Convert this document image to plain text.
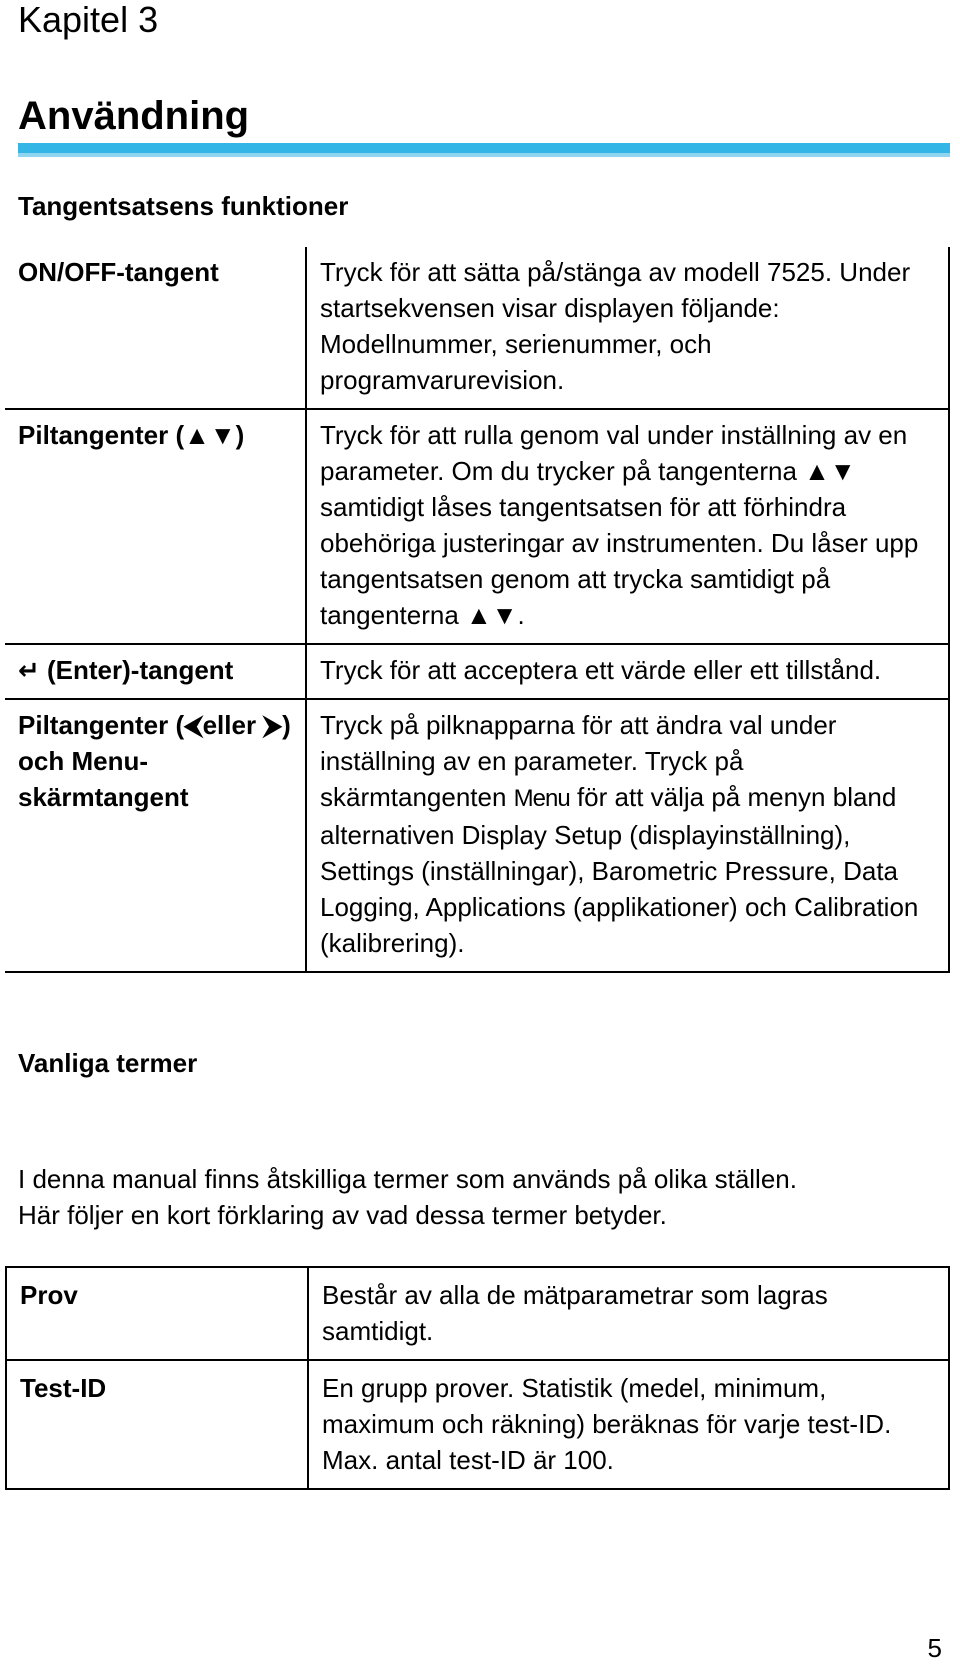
Kapitel 3
Användning
Tangentsatsens funktioner
ON/OFF-tangent	Tryck för att sätta på/stänga av modell 7525. Under startsekvensen visar displayen följande: Modellnummer, serienummer, och programvarurevision.
Piltangenter (▲▼)	Tryck för att rulla genom val under inställning av en parameter. Om du trycker på tangenterna ▲▼ samtidigt låses tangentsatsen för att förhindra obehöriga justeringar av instrumenten. Du låser upp tangentsatsen genom att trycka samtidigt på tangenterna ▲▼.
↵ (Enter)-tangent	Tryck för att acceptera ett värde eller ett tillstånd.
Piltangenter (⮜eller ⮞) och Menu-skärmtangent	Tryck på pilknapparna för att ändra val under inställning av en parameter. Tryck på skärmtangenten Menu för att välja på menyn bland alternativen Display Setup (displayinställning), Settings (inställningar), Barometric Pressure, Data Logging, Applications (applikationer) och Calibration (kalibrering).
Vanliga termer
I denna manual finns åtskilliga termer som används på olika ställen.
Här följer en kort förklaring av vad dessa termer betyder.
Prov	Består av alla de mätparametrar som lagras samtidigt.
Test-ID	En grupp prover. Statistik (medel, minimum, maximum och räkning) beräknas för varje test-ID. Max. antal test-ID är 100.
5
